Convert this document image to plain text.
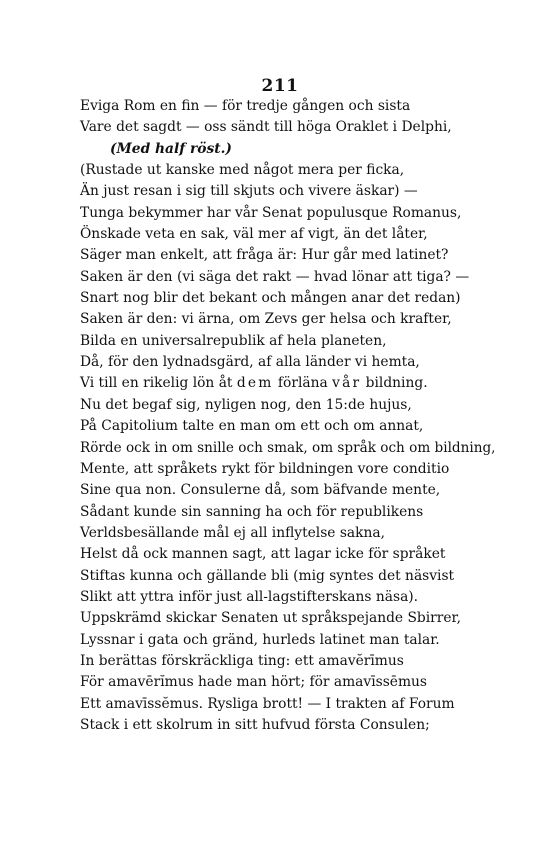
211
Eviga Rom en fin — för tredje gången och sista
Vare det sagdt — oss sändt till höga Oraklet i Delphi,
(Med half röst.)
(Rustade ut kanske med något mera per ficka,
Än just resan i sig till skjuts och vivere äskar) —
Tunga bekymmer har vår Senat populusque Romanus,
Önskade veta en sak, väl mer af vigt, än det låter,
Säger man enkelt, att fråga är: Hur går med latinet?
Saken är den (vi säga det rakt — hvad lönar att tiga? —
Snart nog blir det bekant och mången anar det redan)
Saken är den: vi ärna, om Zevs ger helsa och krafter,
Bilda en universalrepublik af hela planeten,
Då, för den lydnadsgärd, af alla länder vi hemta,
Vi till en rikelig lön åt dem förläna vår bildning.
Nu det begaf sig, nyligen nog, den 15:de hujus,
På Capitolium talte en man om ett och om annat,
Rörde ock in om snille och smak, om språk och om bildning,
Mente, att språkets rykt för bildningen vore conditio
Sine qua non. Consulerne då, som bäfvande mente,
Sådant kunde sin sanning ha och för republikens
Verldsbesällande mål ej all inflytelse sakna,
Helst då ock mannen sagt, att lagar icke för språket
Stiftas kunna och gällande bli (mig syntes det näsvist
Slikt att yttra inför just all-lagstifterskans näsa).
Uppskrämd skickar Senaten ut språkspejande Sbirrer,
Lyssnar i gata och gränd, hurleds latinet man talar.
In berättas förskräckliga ting: ett amavĕrīmus
För amavērĭmus hade man hört; för amavīssēmus
Ett amavīssĕmus. Rysliga brott! — I trakten af Forum
Stack i ett skolrum in sitt hufvud första Consulen;
